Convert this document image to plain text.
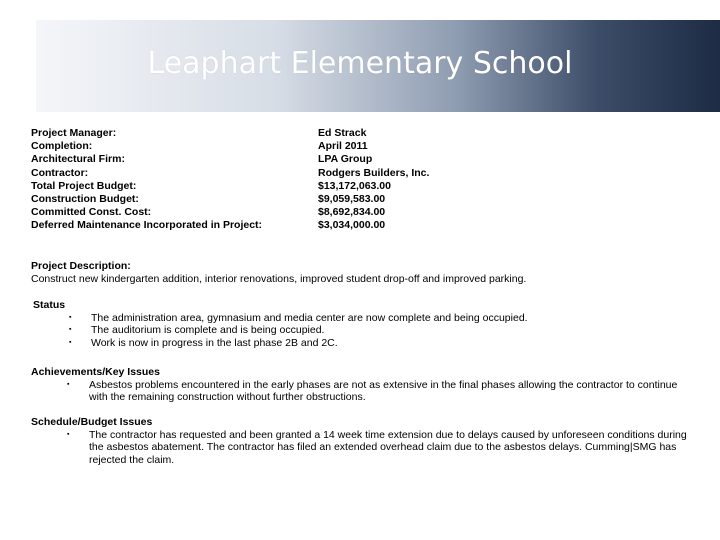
Leaphart Elementary School
Project Manager:
Completion:
Architectural Firm:
Contractor:
Total Project Budget:
Construction Budget:
Committed Const. Cost:
Deferred Maintenance Incorporated in Project:
Ed Strack
April 2011
LPA Group
Rodgers Builders, Inc.
$13,172,063.00
$9,059,583.00
$8,692,834.00
$3,034,000.00
Project Description:
Construct new kindergarten addition, interior renovations, improved student drop-off and improved parking.
Status
▪ The administration area, gymnasium and media center are now complete and being occupied.
▪ The auditorium is complete and is being occupied.
▪ Work is now in progress in the last phase 2B and 2C.
Achievements/Key Issues
▪ Asbestos problems encountered in the early phases are not as extensive in the final phases allowing the contractor to continue with the remaining construction without further obstructions.
Schedule/Budget Issues
▪ The contractor has requested and been granted a 14 week time extension due to delays caused by unforeseen conditions during the asbestos abatement. The contractor has filed an extended overhead claim due to the asbestos delays. Cumming|SMG has rejected the claim.
